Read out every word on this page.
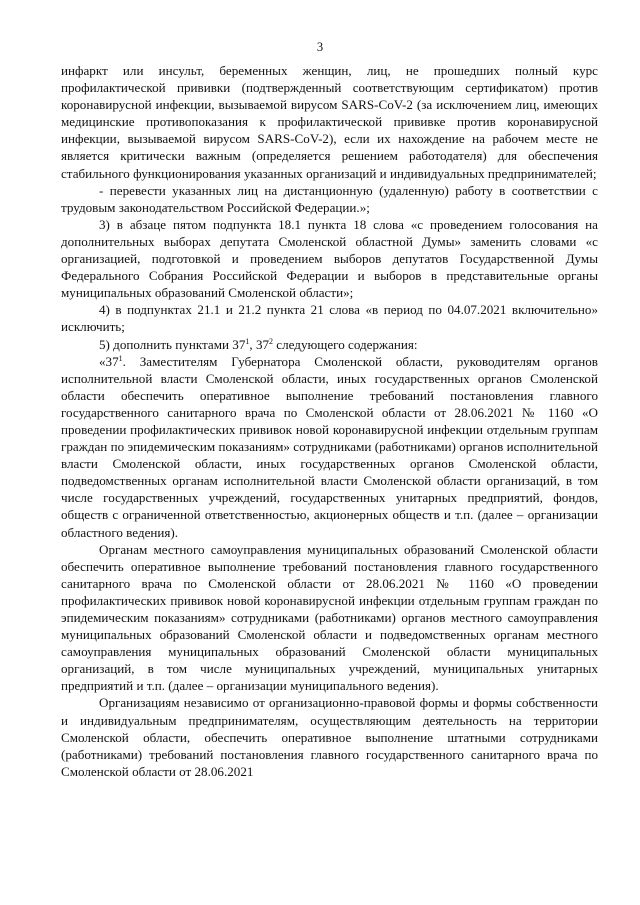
3

инфаркт или инсульт, беременных женщин, лиц, не прошедших полный курс профилактической прививки (подтвержденный соответствующим сертификатом) против коронавирусной инфекции, вызываемой вирусом SARS-CoV-2 (за исключением лиц, имеющих медицинские противопоказания к профилактической прививке против коронавирусной инфекции, вызываемой вирусом SARS-CoV-2), если их нахождение на рабочем месте не является критически важным (определяется решением работодателя) для обеспечения стабильного функционирования указанных организаций и индивидуальных предпринимателей;

- перевести указанных лиц на дистанционную (удаленную) работу в соответствии с трудовым законодательством Российской Федерации.»;

3) в абзаце пятом подпункта 18.1 пункта 18 слова «с проведением голосования на дополнительных выборах депутата Смоленской областной Думы» заменить словами «с организацией, подготовкой и проведением выборов депутатов Государственной Думы Федерального Собрания Российской Федерации и выборов в представительные органы муниципальных образований Смоленской области»;

4) в подпунктах 21.1 и 21.2 пункта 21 слова «в период по 04.07.2021 включительно» исключить;

5) дополнить пунктами $37^1$, $37^2$ следующего содержания:

«$37^1$. Заместителям Губернатора Смоленской области, руководителям органов исполнительной власти Смоленской области, иных государственных органов Смоленской области обеспечить оперативное выполнение требований постановления главного государственного санитарного врача по Смоленской области от 28.06.2021 № 1160 «О проведении профилактических прививок новой коронавирусной инфекции отдельным группам граждан по эпидемическим показаниям» сотрудниками (работниками) органов исполнительной власти Смоленской области, иных государственных органов Смоленской области, подведомственных органам исполнительной власти Смоленской области организаций, в том числе государственных учреждений, государственных унитарных предприятий, фондов, обществ с ограниченной ответственностью, акционерных обществ и т.п. (далее – организации областного ведения).

Органам местного самоуправления муниципальных образований Смоленской области обеспечить оперативное выполнение требований постановления главного государственного санитарного врача по Смоленской области от 28.06.2021 № 1160 «О проведении профилактических прививок новой коронавирусной инфекции отдельным группам граждан по эпидемическим показаниям» сотрудниками (работниками) органов местного самоуправления муниципальных образований Смоленской области и подведомственных органам местного самоуправления муниципальных образований Смоленской области муниципальных организаций, в том числе муниципальных учреждений, муниципальных унитарных предприятий и т.п. (далее – организации муниципального ведения).

Организациям независимо от организационно-правовой формы и формы собственности и индивидуальным предпринимателям, осуществляющим деятельность на территории Смоленской области, обеспечить оперативное выполнение штатными сотрудниками (работниками) требований постановления главного государственного санитарного врача по Смоленской области от 28.06.2021
